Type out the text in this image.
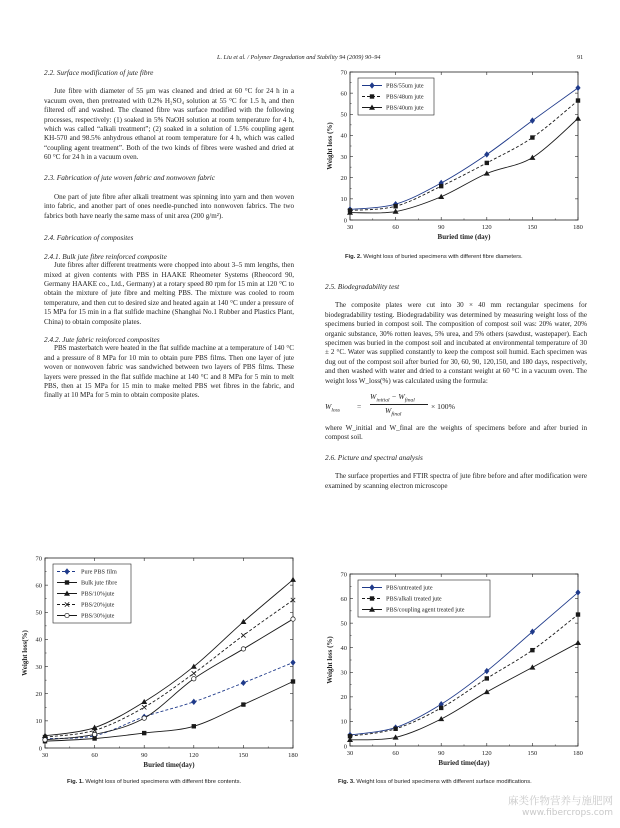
L. Liu et al. / Polymer Degradation and Stability 94 (2009) 90–94	91

2.2. Surface modification of jute fibre

Jute fibre with diameter of 55 μm was cleaned and dried at 60 °C for 24 h in a vacuum oven, then pretreated with 0.2% H₂SO₄ solution at 55 °C for 1.5 h, and then filtered off and washed. The cleaned fibre was surface modified with the following processes, respectively: (1) soaked in 5% NaOH solution at room temperature for 4 h, which was called “alkali treatment”; (2) soaked in a solution of 1.5% coupling agent KH-570 and 98.5% anhydrous ethanol at room temperature for 4 h, which was called “coupling agent treatment”. Both of the two kinds of fibres were washed and dried at 60 °C for 24 h in a vacuum oven.

2.3. Fabrication of jute woven fabric and nonwoven fabric

One part of jute fibre after alkali treatment was spinning into yarn and then woven into fabric, and another part of ones needle-punched into nonwoven fabrics. The two fabrics both have nearly the same mass of unit area (200 g/m²).

2.4. Fabrication of composites

2.4.1. Bulk jute fibre reinforced composite

Jute fibres after different treatments were chopped into about 3–5 mm lengths, then mixed at given contents with PBS in HAAKE Rheometer Systems (Rheocord 90, Germany HAAKE co., Ltd., Germany) at a rotary speed 80 rpm for 15 min at 120 °C to obtain the mixture of jute fibre and melting PBS. The mixture was cooled to room temperature, and then cut to desired size and heated again at 140 °C under a pressure of 15 MPa for 15 min in a flat sulfide machine (Shanghai No.1 Rubber and Plastics Plant, China) to obtain composite plates.

2.4.2. Jute fabric reinforced composites

PBS masterbatch were heated in the flat sulfide machine at a temperature of 140 °C and a pressure of 8 MPa for 10 min to obtain pure PBS films. Then one layer of jute woven or nonwoven fabric was sandwiched between two layers of PBS films. These layers were pressed in the flat sulfide machine at 140 °C and 8 MPa for 5 min to melt PBS, then at 15 MPa for 15 min to make melted PBS wet fibres in the fabric, and finally at 10 MPa for 5 min to obtain composite plates.

2.5. Biodegradability test

The composite plates were cut into 30 × 40 mm rectangular specimens for biodegradability testing. Biodegradability was determined by measuring weight loss of the specimens buried in compost soil. The composition of compost soil was: 20% water, 20% organic substance, 30% rotten leaves, 5% urea, and 5% others (sawdust, wastepaper). Each specimen was buried in the compost soil and incubated at environmental temperature of 30 ± 2 °C. Water was supplied constantly to keep the compost soil humid. Each specimen was dug out of the compost soil after buried for 30, 60, 90, 120,150, and 180 days, respectively, and then washed with water and dried to a constant weight at 60 °C in a vacuum oven. The weight loss W_loss(%) was calculated using the formula:

$W_{loss}$ =
$W_{initial} - W_{final}$
$W_{final}$
× 100%

where W_initial and W_final are the weights of specimens before and after buried in compost soil.

2.6. Picture and spectral analysis

The surface properties and FTIR spectra of jute fibre before and after modification were examined by scanning electron microscope

0
10
20
30
40
50
60
70
30	60	90	120	150	180
Buried time (day)
Weight loss (%)
PBS/55um jute
PBS/48um jute
PBS/40um jute
Fig. 2. Weight loss of buried specimens with different fibre diameters.
0
10
20
30
40
50
60
70
30	60	90	120	150	180
Buried time(day)
Weight loss(%)
Pure PBS film
Bulk jute fibre
PBS/10%jute
PBS/20%jute
PBS/30%jute
Fig. 1. Weight loss of buried specimens with different fibre contents.
0
10
20
30
40
50
60
70
30	60	90	120	150	180
Buried time(day)
Weight loss (%)
PBS/untreated jute
PBS/alkali treated jute
PBS/coupling agent treated jute
Fig. 3. Weight loss of buried specimens with different surface modifications.
麻类作物营养与施肥网
www.fibercrops.com
